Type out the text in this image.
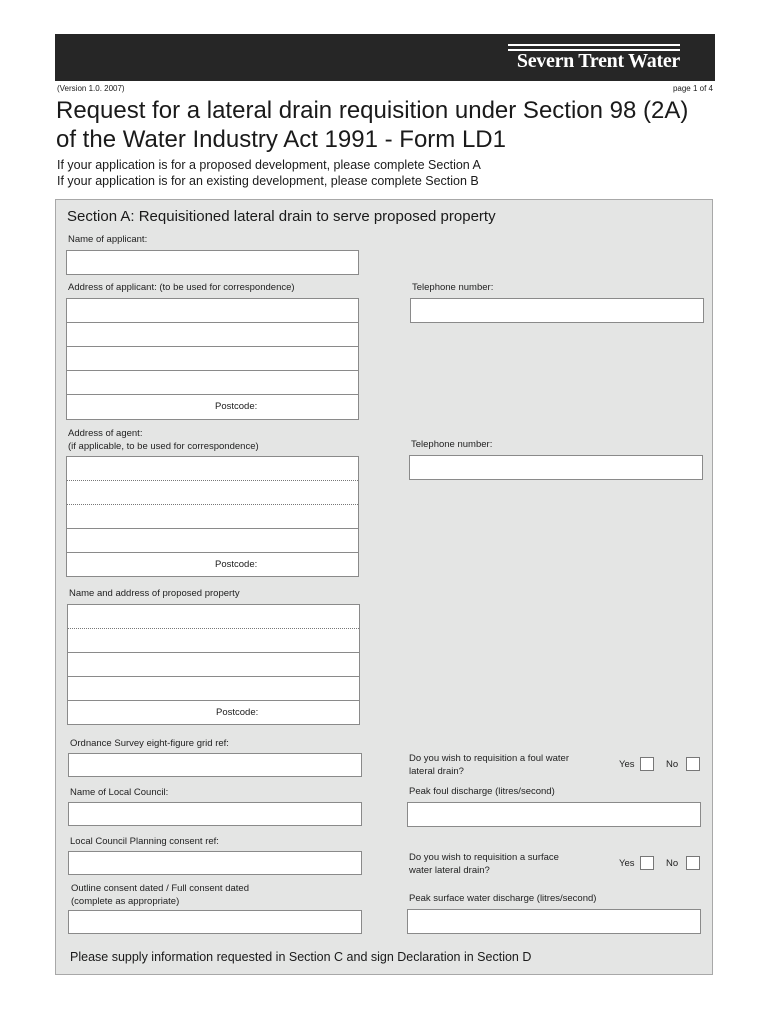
Severn Trent Water
(Version 1.0. 2007)	page 1 of 4
Request for a lateral drain requisition under Section 98 (2A)
of the Water Industry Act 1991 - Form LD1
If your application is for a proposed development, please complete Section A
If your application is for an existing development, please complete Section B
Section A: Requisitioned lateral drain to serve proposed property
Name of applicant:
Address of applicant: (to be used for correspondence)
Postcode:
Telephone number:
Address of agent:
(if applicable, to be used for correspondence)
Postcode:
Telephone number:
Name and address of proposed property
Postcode:
Ordnance Survey eight-figure grid ref:
Do you wish to requisition a foul water
lateral drain?
Yes	No
Name of Local Council:	Peak foul discharge (litres/second)
Local Council Planning consent ref:
Do you wish to requisition a surface
water lateral drain?
Yes	No
Outline consent dated / Full consent dated
(complete as appropriate)	Peak surface water discharge (litres/second)
Please supply information requested in Section C and sign Declaration in Section D
